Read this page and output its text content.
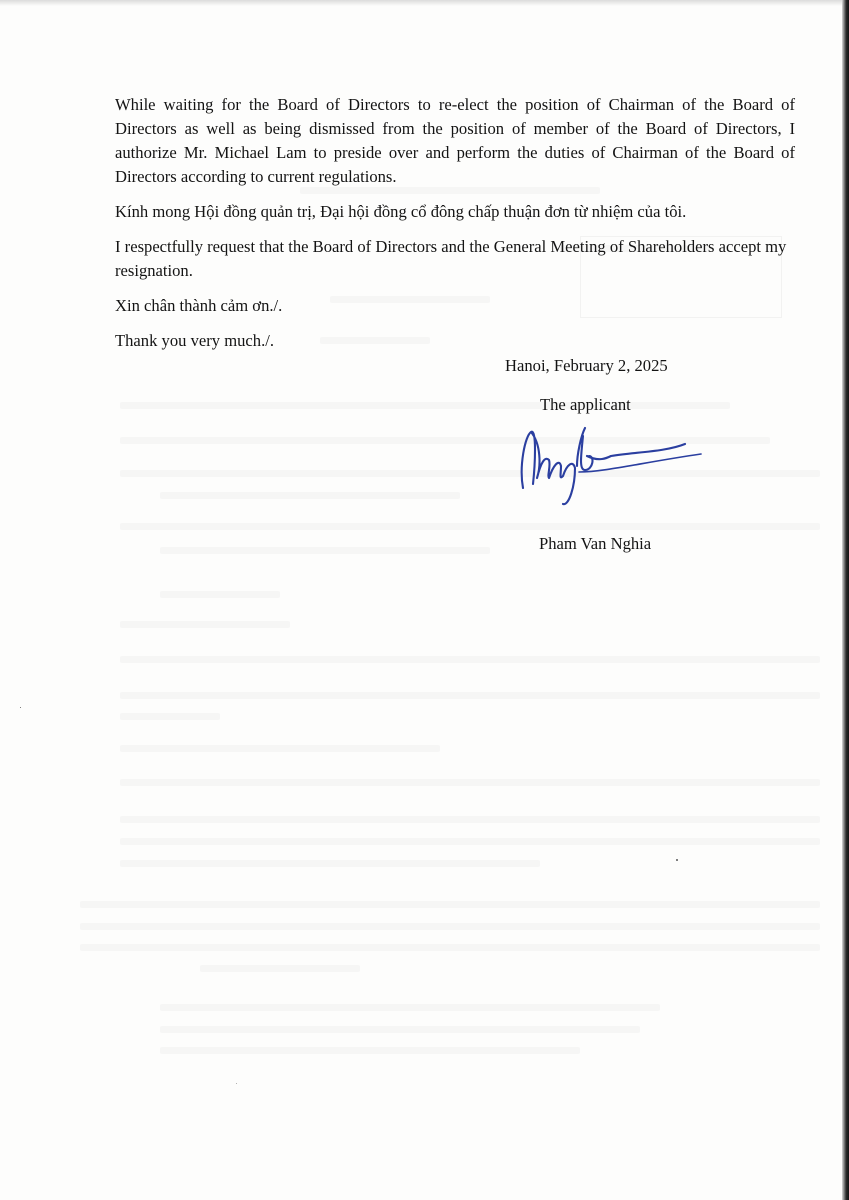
While waiting for the Board of Directors to re-elect the position of Chairman of the Board of Directors as well as being dismissed from the position of member of the Board of Directors, I authorize Mr. Michael Lam to preside over and perform the duties of Chairman of the Board of Directors according to current regulations.

Kính mong Hội đồng quản trị, Đại hội đồng cổ đông chấp thuận đơn từ nhiệm của tôi.

I respectfully request that the Board of Directors and the General Meeting of Shareholders accept my resignation.

Xin chân thành cảm ơn./.

Thank you very much./.

Hanoi, February 2, 2025
The applicant
Pham Van Nghia
